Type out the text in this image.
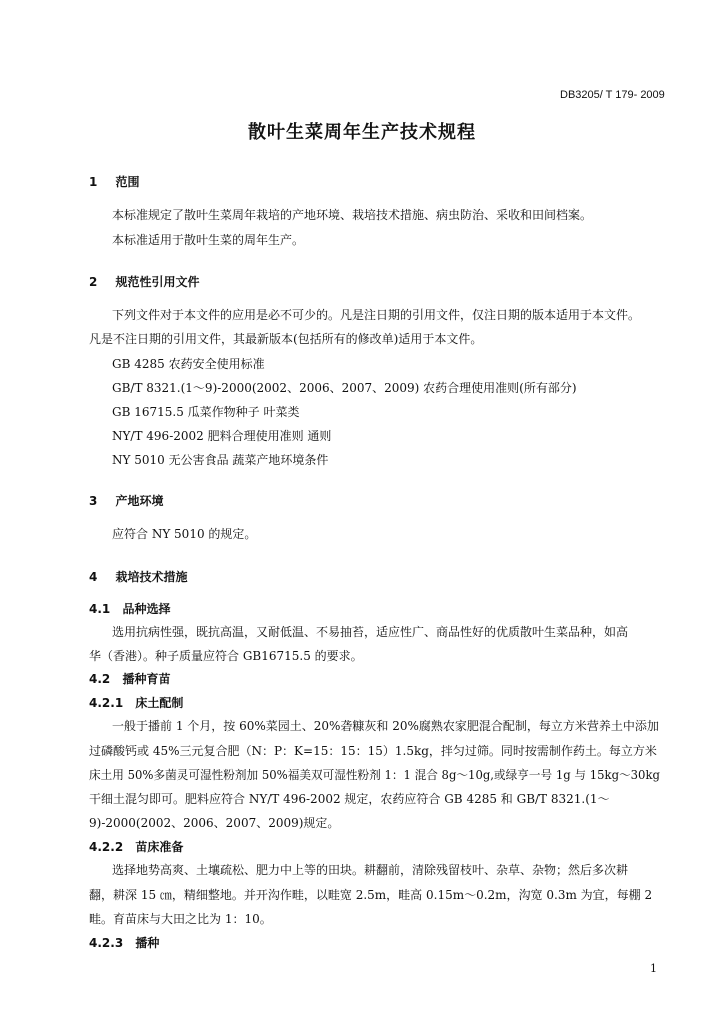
DB3205/ T 179- 2009
散叶生菜周年生产技术规程
1 范围
本标准规定了散叶生菜周年栽培的产地环境、栽培技术措施、病虫防治、采收和田间档案。
本标准适用于散叶生菜的周年生产。
2 规范性引用文件
下列文件对于本文件的应用是必不可少的。凡是注日期的引用文件，仅注日期的版本适用于本文件。
凡是不注日期的引用文件，其最新版本(包括所有的修改单)适用于本文件。
GB 4285 农药安全使用标准
GB/T 8321.(1～9)-2000(2002、2006、2007、2009) 农药合理使用准则(所有部分)
GB 16715.5 瓜菜作物种子 叶菜类
NY/T 496-2002 肥料合理使用准则 通则
NY 5010 无公害食品 蔬菜产地环境条件
3 产地环境
应符合 NY 5010 的规定。
4 栽培技术措施
4.1 品种选择
选用抗病性强，既抗高温，又耐低温、不易抽苔，适应性广、商品性好的优质散叶生菜品种，如高
华（香港）。种子质量应符合 GB16715.5 的要求。
4.2 播种育苗
4.2.1 床土配制
一般于播前 1 个月，按 60%菜园土、20%砻糠灰和 20%腐熟农家肥混合配制，每立方米营养土中添加
过磷酸钙或 45%三元复合肥（N：P：K=15：15：15）1.5kg，拌匀过筛。同时按需制作药土。每立方米
床土用 50%多菌灵可湿性粉剂加 50%福美双可湿性粉剂 1：1 混合 8g～10g,或绿亨一号 1g 与 15kg～30kg
干细土混匀即可。肥料应符合 NY/T 496-2002 规定，农药应符合 GB 4285 和 GB/T 8321.(1～
9)-2000(2002、2006、2007、2009)规定。
4.2.2 苗床准备
选择地势高爽、土壤疏松、肥力中上等的田块。耕翻前，清除残留枝叶、杂草、杂物；然后多次耕
翻，耕深 15 ㎝，精细整地。并开沟作畦，以畦宽 2.5m，畦高 0.15m～0.2m，沟宽 0.3m 为宜，每棚 2
畦。育苗床与大田之比为 1：10。
4.2.3 播种
1
